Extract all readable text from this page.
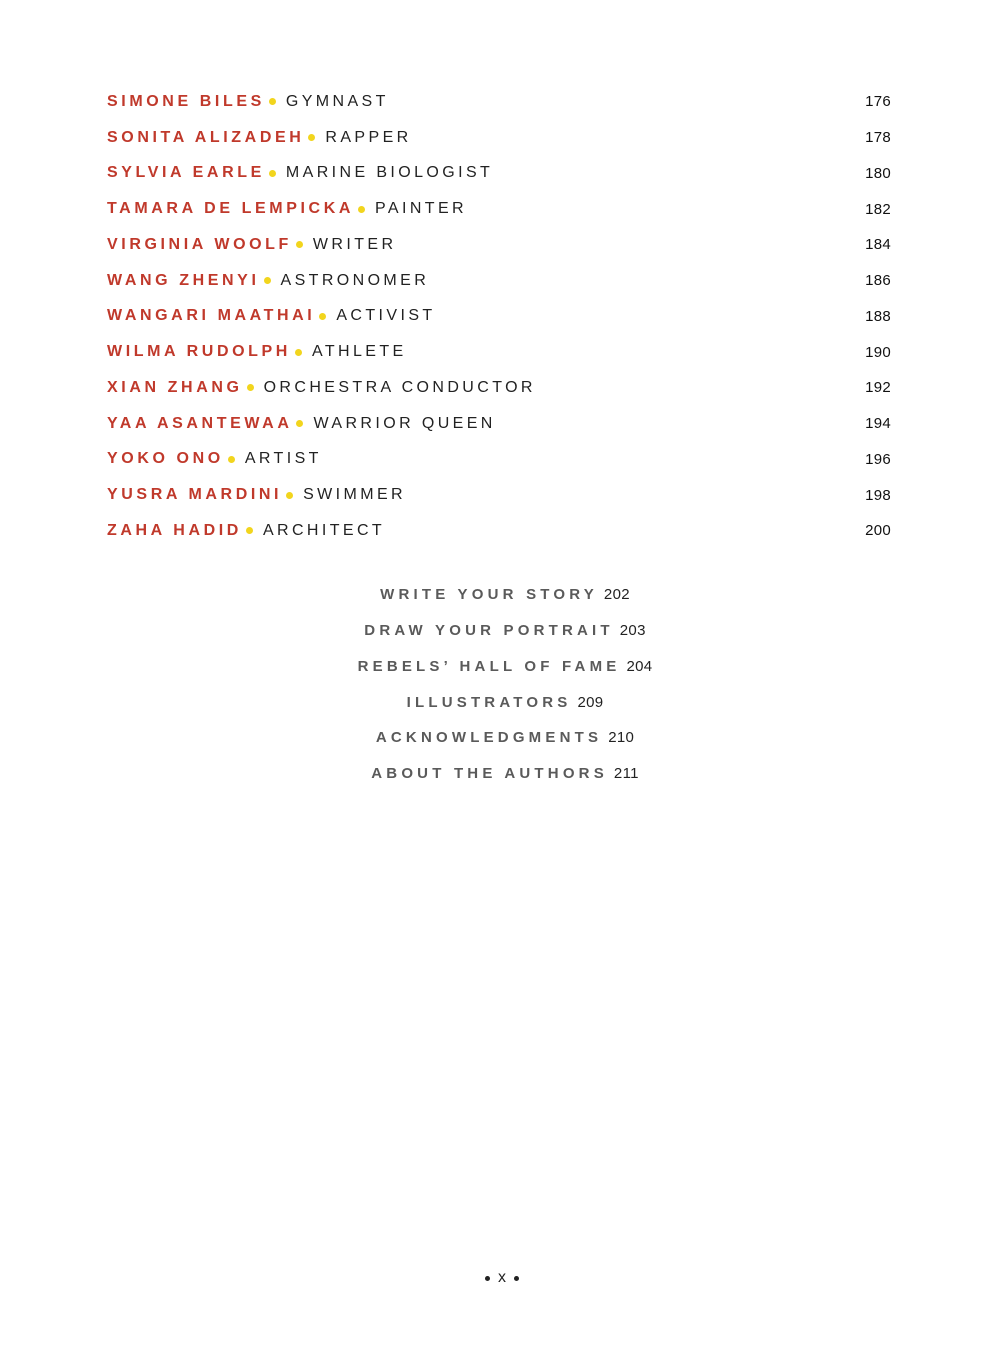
SIMONE BILES GYMNAST	176
SONITA ALIZADEH RAPPER	178
SYLVIA EARLE MARINE BIOLOGIST	180
TAMARA DE LEMPICKA PAINTER	182
VIRGINIA WOOLF WRITER	184
WANG ZHENYI ASTRONOMER	186
WANGARI MAATHAI ACTIVIST	188
WILMA RUDOLPH ATHLETE	190
XIAN ZHANG ORCHESTRA CONDUCTOR	192
YAA ASANTEWAA WARRIOR QUEEN	194
YOKO ONO ARTIST	196
YUSRA MARDINI SWIMMER	198
ZAHA HADID ARCHITECT	200
WRITE YOUR STORY 202
DRAW YOUR PORTRAIT 203
REBELS’ HALL OF FAME 204
ILLUSTRATORS 209
ACKNOWLEDGMENTS 210
ABOUT THE AUTHORS 211
x
